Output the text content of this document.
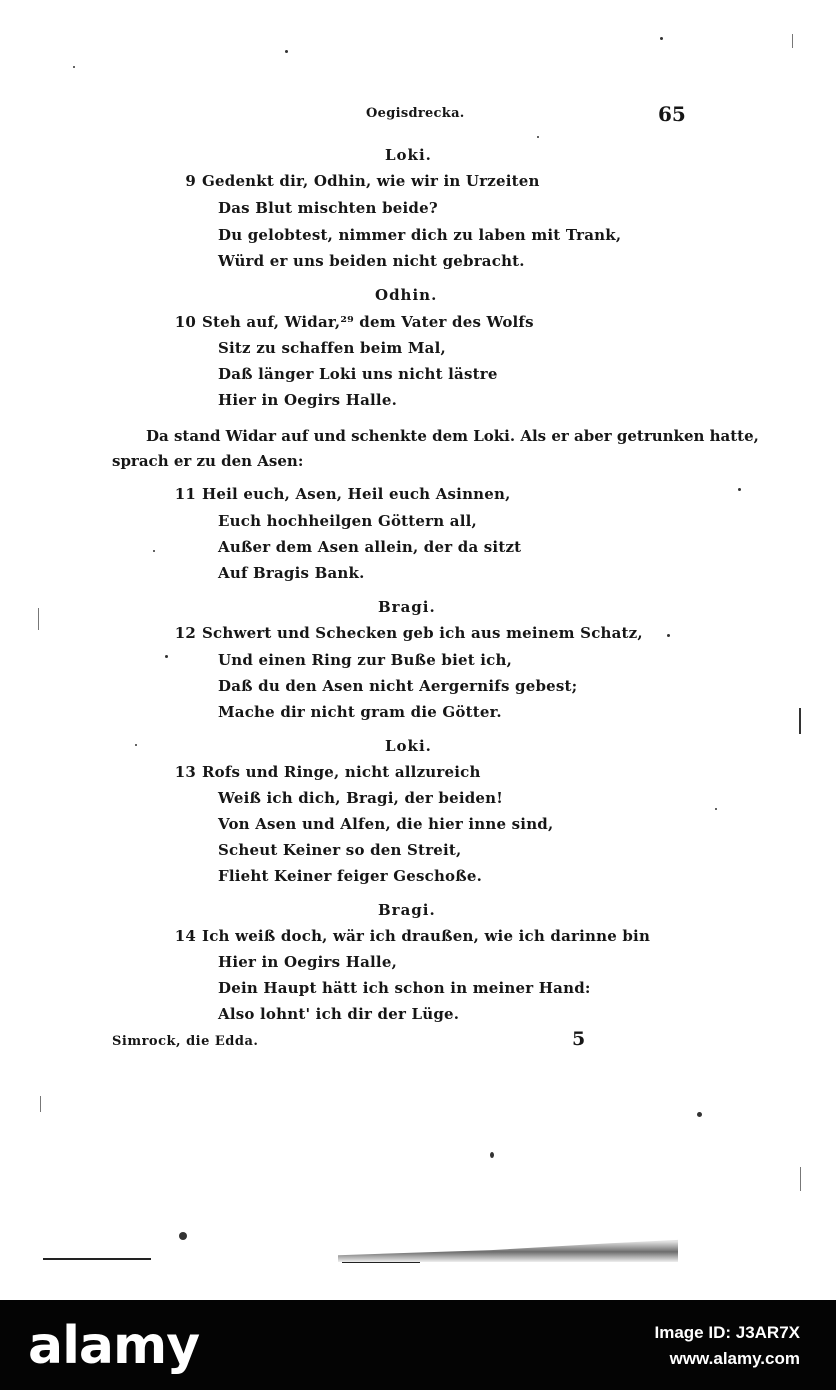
Oegisdrecka.	65
Loki.
9 Gedenkt dir, Odhin, wie wir in Urzeiten
Das Blut mischten beide?
Du gelobtest, nimmer dich zu laben mit Trank,
Würd er uns beiden nicht gebracht.
Odhin.
10 Steh auf, Widar,²⁹ dem Vater des Wolfs
Sitz zu schaffen beim Mal,
Daß länger Loki uns nicht lästre
Hier in Oegirs Halle.
Da stand Widar auf und schenkte dem Loki. Als er aber getrunken hatte,
sprach er zu den Asen:
11 Heil euch, Asen, Heil euch Asinnen,
Euch hochheilgen Göttern all,
Außer dem Asen allein, der da sitzt
Auf Bragis Bank.
Bragi.
12 Schwert und Schecken geb ich aus meinem Schatz,
Und einen Ring zur Buße biet ich,
Daß du den Asen nicht Aergernifs gebest;
Mache dir nicht gram die Götter.
Loki.
13 Rofs und Ringe, nicht allzureich
Weiß ich dich, Bragi, der beiden!
Von Asen und Alfen, die hier inne sind,
Scheut Keiner so den Streit,
Flieht Keiner feiger Geschoße.
Bragi.
14 Ich weiß doch, wär ich draußen, wie ich darinne bin
Hier in Oegirs Halle,
Dein Haupt hätt ich schon in meiner Hand:
Also lohnt' ich dir der Lüge.
Simrock, die Edda.	5
alamy	Image ID: J3AR7X
www.alamy.com
